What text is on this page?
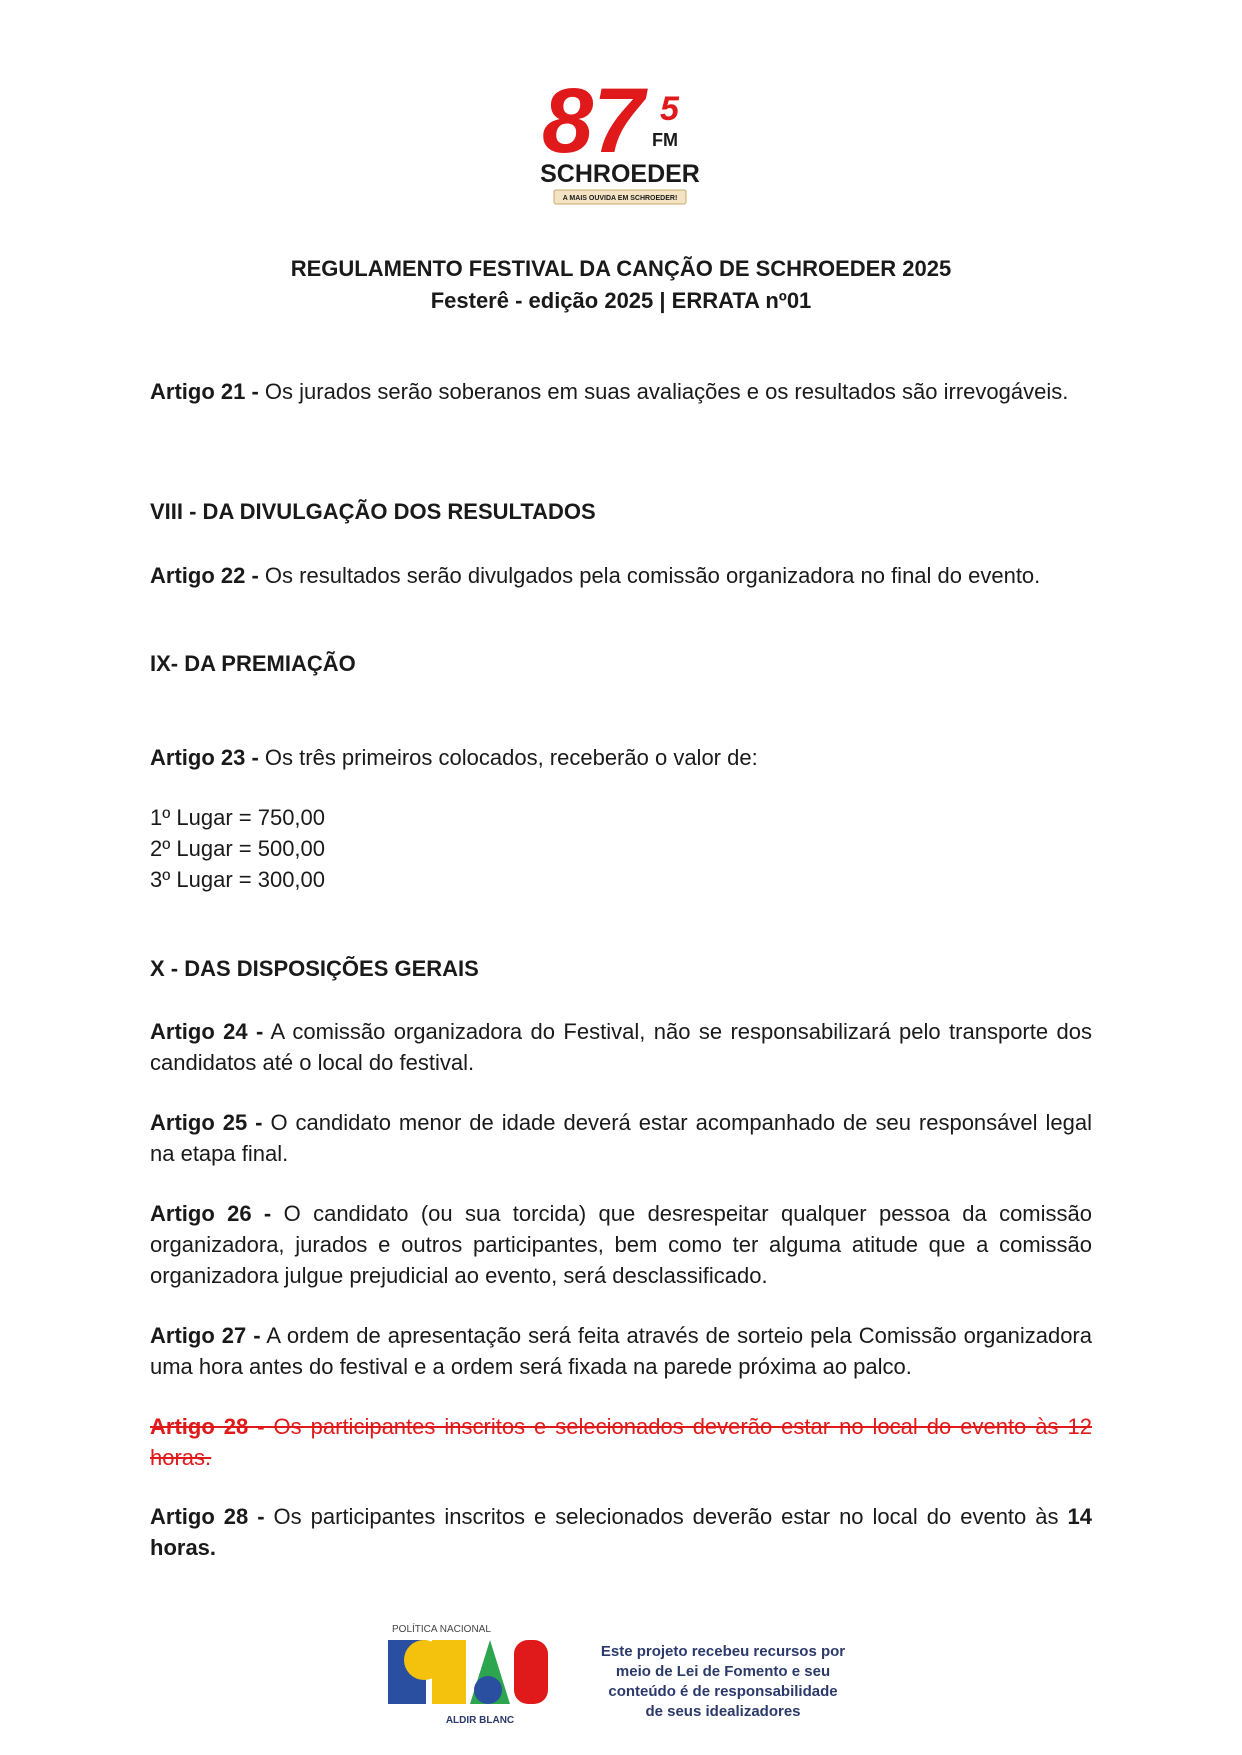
87 5
FM
SCHROEDER
A MAIS OUVIDA EM SCHROEDER!
REGULAMENTO FESTIVAL DA CANÇÃO DE SCHROEDER 2025
Festerê - edição 2025 | ERRATA nº01
Artigo 21 - Os jurados serão soberanos em suas avaliações e os resultados são irrevogáveis.
VIII - DA DIVULGAÇÃO DOS RESULTADOS
Artigo 22 - Os resultados serão divulgados pela comissão organizadora no final do evento.
IX- DA PREMIAÇÃO
Artigo 23 - Os três primeiros colocados, receberão o valor de:
1º Lugar = 750,00
2º Lugar = 500,00
3º Lugar = 300,00
X - DAS DISPOSIÇÕES GERAIS
Artigo 24 - A comissão organizadora do Festival, não se responsabilizará pelo transporte dos candidatos até o local do festival.
Artigo 25 - O candidato menor de idade deverá estar acompanhado de seu responsável legal na etapa final.
Artigo 26 - O candidato (ou sua torcida) que desrespeitar qualquer pessoa da comissão organizadora, jurados e outros participantes, bem como ter alguma atitude que a comissão organizadora julgue prejudicial ao evento, será desclassificado.
Artigo 27 - A ordem de apresentação será feita através de sorteio pela Comissão organizadora uma hora antes do festival e a ordem será fixada na parede próxima ao palco.
Artigo 28 - Os participantes inscritos e selecionados deverão estar no local do evento às 12 horas.
Artigo 28 - Os participantes inscritos e selecionados deverão estar no local do evento às 14 horas.
POLÍTICA NACIONAL
ALDIR BLANC
Este projeto recebeu recursos por meio de Lei de Fomento e seu conteúdo é de responsabilidade de seus idealizadores
